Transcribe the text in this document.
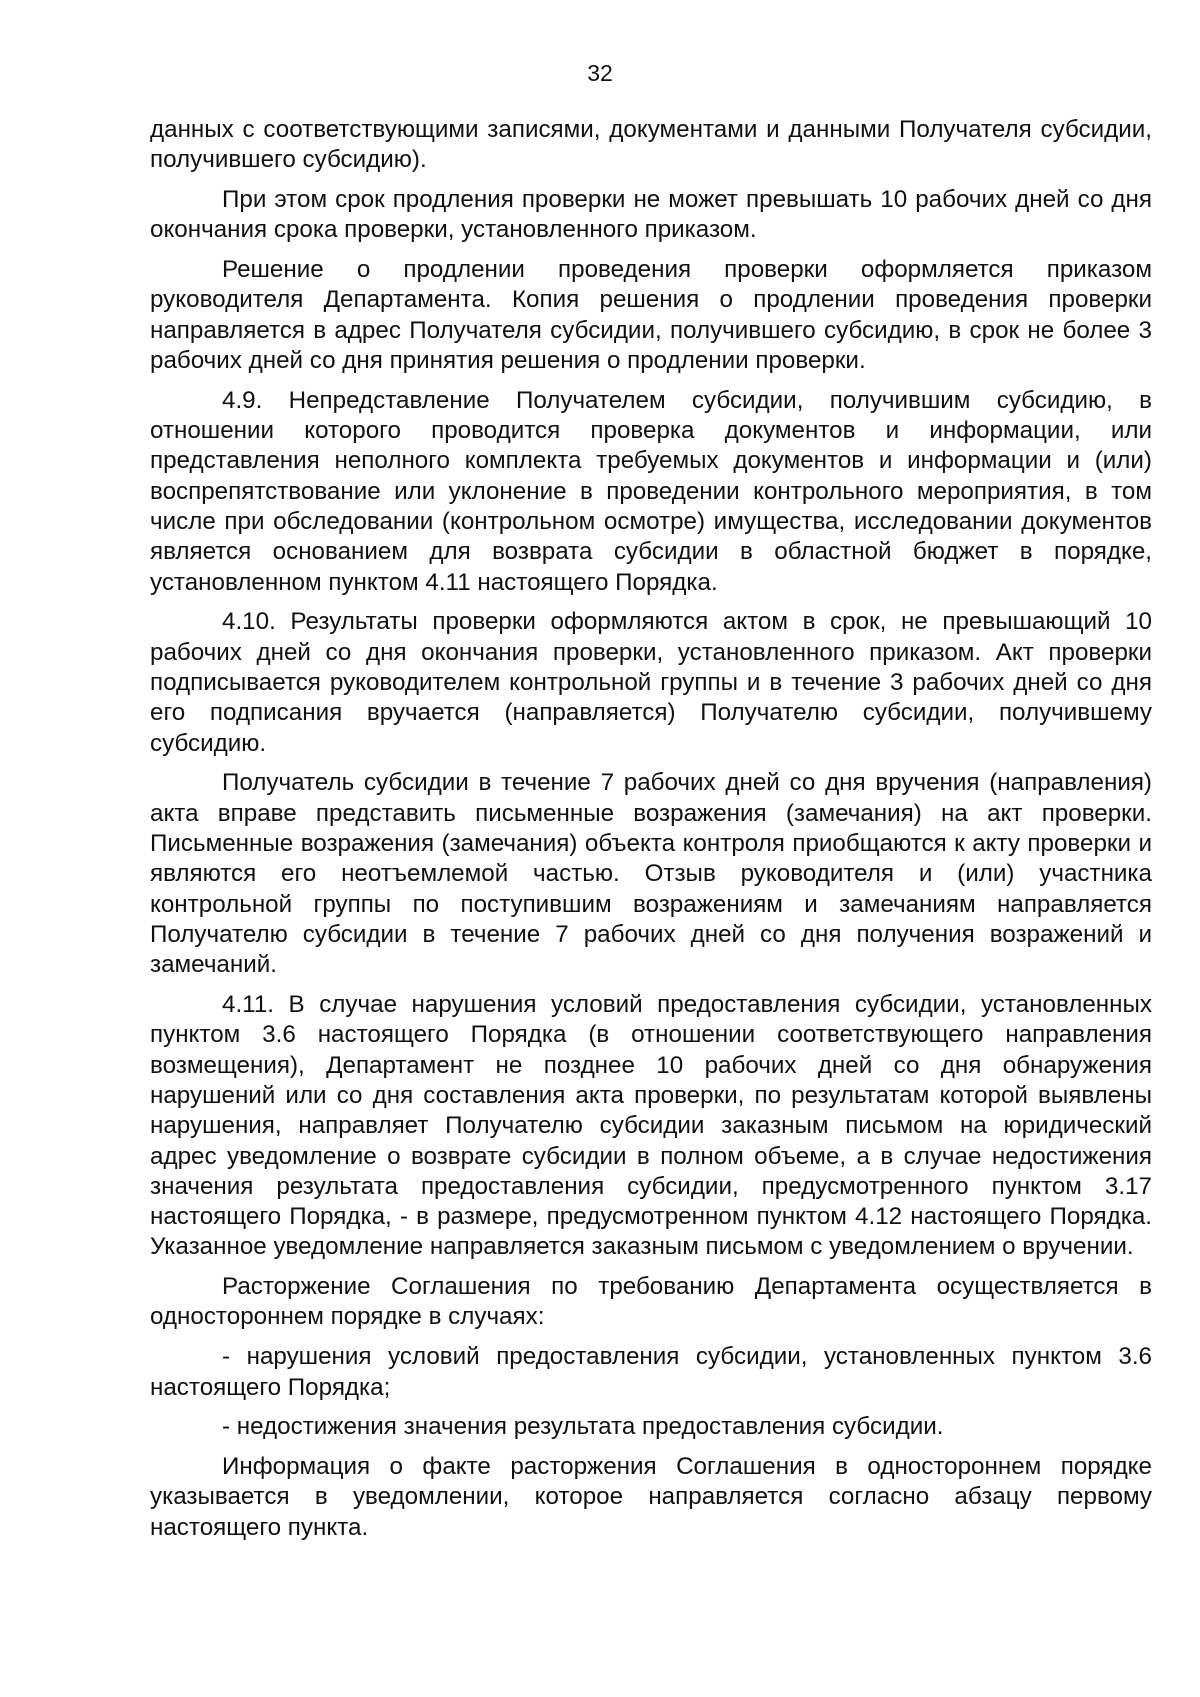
32

данных с соответствующими записями, документами и данными Получателя субсидии, получившего субсидию).

При этом срок продления проверки не может превышать 10 рабочих дней со дня окончания срока проверки, установленного приказом.

Решение о продлении проведения проверки оформляется приказом руководителя Департамента. Копия решения о продлении проведения проверки направляется в адрес Получателя субсидии, получившего субсидию, в срок не более 3 рабочих дней со дня принятия решения о продлении проверки.

4.9. Непредставление Получателем субсидии, получившим субсидию, в отношении которого проводится проверка документов и информации, или представления неполного комплекта требуемых документов и информации и (или) воспрепятствование или уклонение в проведении контрольного мероприятия, в том числе при обследовании (контрольном осмотре) имущества, исследовании документов является основанием для возврата субсидии в областной бюджет в порядке, установленном пунктом 4.11 настоящего Порядка.

4.10. Результаты проверки оформляются актом в срок, не превышающий 10 рабочих дней со дня окончания проверки, установленного приказом. Акт проверки подписывается руководителем контрольной группы и в течение 3 рабочих дней со дня его подписания вручается (направляется) Получателю субсидии, получившему субсидию.

Получатель субсидии в течение 7 рабочих дней со дня вручения (направления) акта вправе представить письменные возражения (замечания) на акт проверки. Письменные возражения (замечания) объекта контроля приобщаются к акту проверки и являются его неотъемлемой частью. Отзыв руководителя и (или) участника контрольной группы по поступившим возражениям и замечаниям направляется Получателю субсидии в течение 7 рабочих дней со дня получения возражений и замечаний.

4.11. В случае нарушения условий предоставления субсидии, установленных пунктом 3.6 настоящего Порядка (в отношении соответствующего направления возмещения), Департамент не позднее 10 рабочих дней со дня обнаружения нарушений или со дня составления акта проверки, по результатам которой выявлены нарушения, направляет Получателю субсидии заказным письмом на юридический адрес уведомление о возврате субсидии в полном объеме, а в случае недостижения значения результата предоставления субсидии, предусмотренного пунктом 3.17 настоящего Порядка, - в размере, предусмотренном пунктом 4.12 настоящего Порядка. Указанное уведомление направляется заказным письмом с уведомлением о вручении.

Расторжение Соглашения по требованию Департамента осуществляется в одностороннем порядке в случаях:

- нарушения условий предоставления субсидии, установленных пунктом 3.6 настоящего Порядка;

- недостижения значения результата предоставления субсидии.

Информация о факте расторжения Соглашения в одностороннем порядке указывается в уведомлении, которое направляется согласно абзацу первому настоящего пункта.
